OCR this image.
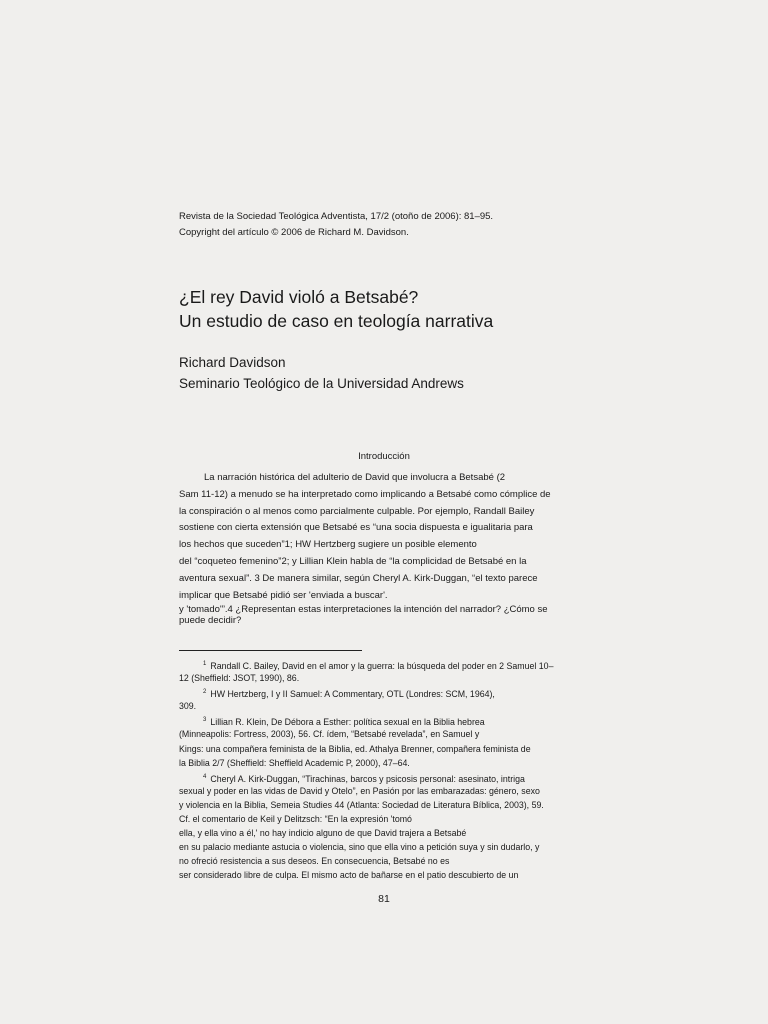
Revista de la Sociedad Teológica Adventista, 17/2 (otoño de 2006): 81–95.
Copyright del artículo © 2006 de Richard M. Davidson.
¿El rey David violó a Betsabé?
Un estudio de caso en teología narrativa
Richard Davidson
Seminario Teológico de la Universidad Andrews
Introducción
La narración histórica del adulterio de David que involucra a Betsabé (2
Sam 11-12) a menudo se ha interpretado como implicando a Betsabé como cómplice de
la conspiración o al menos como parcialmente culpable. Por ejemplo, Randall Bailey
sostiene con cierta extensión que Betsabé es “una socia dispuesta e igualitaria para
los hechos que suceden”1; HW Hertzberg sugiere un posible elemento
del “coqueteo femenino”2; y Lillian Klein habla de “la complicidad de Betsabé en la
aventura sexual”. 3 De manera similar, según Cheryl A. Kirk-Duggan, “el texto parece
implicar que Betsabé pidió ser 'enviada a buscar'.
y 'tomado'”.4 ¿Representan estas interpretaciones la intención del narrador? ¿Cómo se
puede decidir?
$^1$ Randall C. Bailey, David en el amor y la guerra: la búsqueda del poder en 2 Samuel 10–
12 (Sheffield: JSOT, 1990), 86.
$^2$ HW Hertzberg, I y II Samuel: A Commentary, OTL (Londres: SCM, 1964),
309.
$^3$ Lillian R. Klein, De Débora a Esther: política sexual en la Biblia hebrea
(Minneapolis: Fortress, 2003), 56. Cf. ídem, “Betsabé revelada”, en Samuel y
Kings: una compañera feminista de la Biblia, ed. Athalya Brenner, compañera feminista de
la Biblia 2/7 (Sheffield: Sheffield Academic P, 2000), 47–64.
$^4$ Cheryl A. Kirk-Duggan, “Tirachinas, barcos y psicosis personal: asesinato, intriga
sexual y poder en las vidas de David y Otelo”, en Pasión por las embarazadas: género, sexo
y violencia en la Biblia, Semeia Studies 44 (Atlanta: Sociedad de Literatura Bíblica, 2003), 59.
Cf. el comentario de Keil y Delitzsch: “En la expresión 'tomó
ella, y ella vino a él,' no hay indicio alguno de que David trajera a Betsabé
en su palacio mediante astucia o violencia, sino que ella vino a petición suya y sin dudarlo, y
no ofreció resistencia a sus deseos. En consecuencia, Betsabé no es
ser considerado libre de culpa. El mismo acto de bañarse en el patio descubierto de un
81
